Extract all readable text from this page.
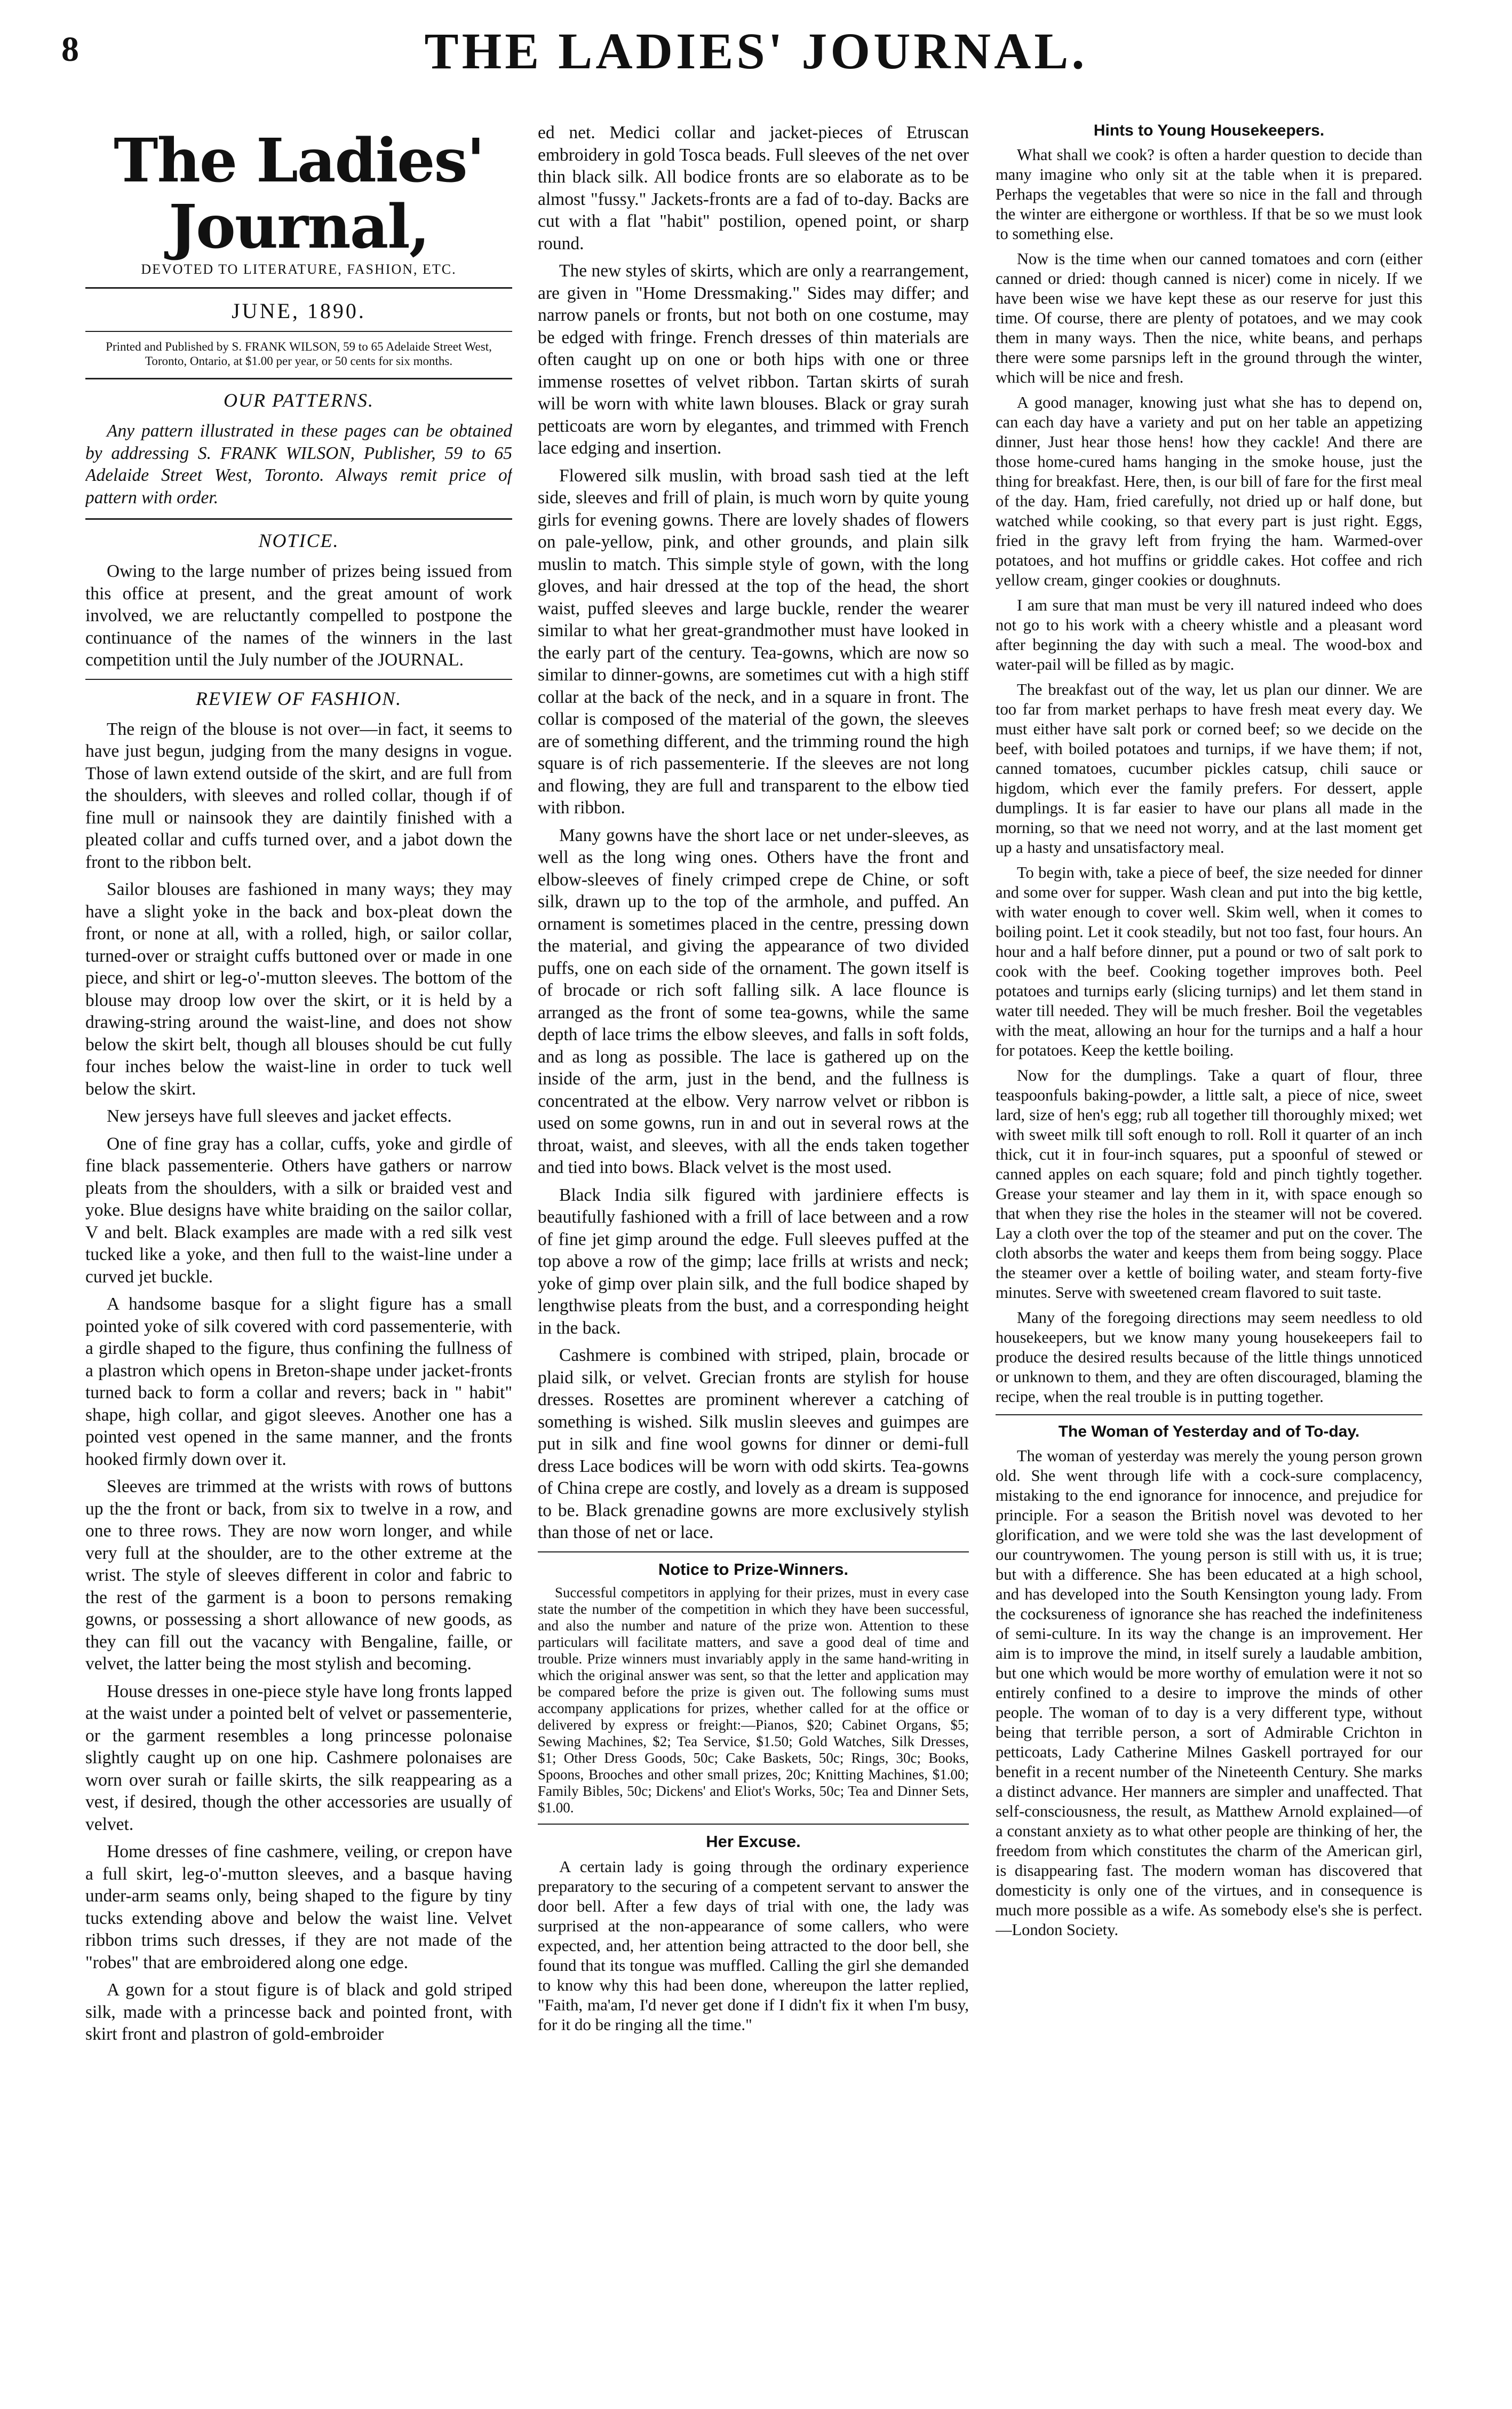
8	THE LADIES' JOURNAL.
The Ladies' Journal,
DEVOTED TO LITERATURE, FASHION, ETC.
JUNE, 1890.
Printed and Published by S. FRANK WILSON, 59 to 65 Adelaide Street West, Toronto, Ontario, at $1.00 per year, or 50 cents for six months.
OUR PATTERNS.

Any pattern illustrated in these pages can be obtained by addressing S. FRANK WILSON, Publisher, 59 to 65 Adelaide Street West, Toronto. Always remit price of pattern with order.

NOTICE.

Owing to the large number of prizes being issued from this office at present, and the great amount of work involved, we are reluctantly compelled to postpone the continuance of the names of the winners in the last competition until the July number of the JOURNAL.

REVIEW OF FASHION.

The reign of the blouse is not over—in fact, it seems to have just begun, judging from the many designs in vogue. Those of lawn extend outside of the skirt, and are full from the shoulders, with sleeves and rolled collar, though if of fine mull or nainsook they are daintily finished with a pleated collar and cuffs turned over, and a jabot down the front to the ribbon belt.

Sailor blouses are fashioned in many ways; they may have a slight yoke in the back and box-pleat down the front, or none at all, with a rolled, high, or sailor collar, turned-over or straight cuffs buttoned over or made in one piece, and shirt or leg-o'-mutton sleeves. The bottom of the blouse may droop low over the skirt, or it is held by a drawing-string around the waist-line, and does not show below the skirt belt, though all blouses should be cut fully four inches below the waist-line in order to tuck well below the skirt.

New jerseys have full sleeves and jacket effects.

One of fine gray has a collar, cuffs, yoke and girdle of fine black passementerie. Others have gathers or narrow pleats from the shoulders, with a silk or braided vest and yoke. Blue designs have white braiding on the sailor collar, V and belt. Black examples are made with a red silk vest tucked like a yoke, and then full to the waist-line under a curved jet buckle.

A handsome basque for a slight figure has a small pointed yoke of silk covered with cord passementerie, with a girdle shaped to the figure, thus confining the fullness of a plastron which opens in Breton-shape under jacket-fronts turned back to form a collar and revers; back in " habit" shape, high collar, and gigot sleeves. Another one has a pointed vest opened in the same manner, and the fronts hooked firmly down over it.

Sleeves are trimmed at the wrists with rows of buttons up the the front or back, from six to twelve in a row, and one to three rows. They are now worn longer, and while very full at the shoulder, are to the other extreme at the wrist. The style of sleeves different in color and fabric to the rest of the garment is a boon to persons remaking gowns, or possessing a short allowance of new goods, as they can fill out the vacancy with Bengaline, faille, or velvet, the latter being the most stylish and becoming.

House dresses in one-piece style have long fronts lapped at the waist under a pointed belt of velvet or passementerie, or the garment resembles a long princesse polonaise slightly caught up on one hip. Cashmere polonaises are worn over surah or faille skirts, the silk reappearing as a vest, if desired, though the other accessories are usually of velvet.

Home dresses of fine cashmere, veiling, or crepon have a full skirt, leg-o'-mutton sleeves, and a basque having under-arm seams only, being shaped to the figure by tiny tucks extending above and below the waist line. Velvet ribbon trims such dresses, if they are not made of the "robes" that are embroidered along one edge.

A gown for a stout figure is of black and gold striped silk, made with a princesse back and pointed front, with skirt front and plastron of gold-embroider

ed net. Medici collar and jacket-pieces of Etruscan embroidery in gold Tosca beads. Full sleeves of the net over thin black silk. All bodice fronts are so elaborate as to be almost "fussy." Jackets-fronts are a fad of to-day. Backs are cut with a flat "habit" postilion, opened point, or sharp round.

The new styles of skirts, which are only a rearrangement, are given in "Home Dressmaking." Sides may differ; and narrow panels or fronts, but not both on one costume, may be edged with fringe. French dresses of thin materials are often caught up on one or both hips with one or three immense rosettes of velvet ribbon. Tartan skirts of surah will be worn with white lawn blouses. Black or gray surah petticoats are worn by elegantes, and trimmed with French lace edging and insertion.

Flowered silk muslin, with broad sash tied at the left side, sleeves and frill of plain, is much worn by quite young girls for evening gowns. There are lovely shades of flowers on pale-yellow, pink, and other grounds, and plain silk muslin to match. This simple style of gown, with the long gloves, and hair dressed at the top of the head, the short waist, puffed sleeves and large buckle, render the wearer similar to what her great-grandmother must have looked in the early part of the century. Tea-gowns, which are now so similar to dinner-gowns, are sometimes cut with a high stiff collar at the back of the neck, and in a square in front. The collar is composed of the material of the gown, the sleeves are of something different, and the trimming round the high square is of rich passementerie. If the sleeves are not long and flowing, they are full and transparent to the elbow tied with ribbon.

Many gowns have the short lace or net under-sleeves, as well as the long wing ones. Others have the front and elbow-sleeves of finely crimped crepe de Chine, or soft silk, drawn up to the top of the armhole, and puffed. An ornament is sometimes placed in the centre, pressing down the material, and giving the appearance of two divided puffs, one on each side of the ornament. The gown itself is of brocade or rich soft falling silk. A lace flounce is arranged as the front of some tea-gowns, while the same depth of lace trims the elbow sleeves, and falls in soft folds, and as long as possible. The lace is gathered up on the inside of the arm, just in the bend, and the fullness is concentrated at the elbow. Very narrow velvet or ribbon is used on some gowns, run in and out in several rows at the throat, waist, and sleeves, with all the ends taken together and tied into bows. Black velvet is the most used.

Black India silk figured with jardiniere effects is beautifully fashioned with a frill of lace between and a row of fine jet gimp around the edge. Full sleeves puffed at the top above a row of the gimp; lace frills at wrists and neck; yoke of gimp over plain silk, and the full bodice shaped by lengthwise pleats from the bust, and a corresponding height in the back.

Cashmere is combined with striped, plain, brocade or plaid silk, or velvet. Grecian fronts are stylish for house dresses. Rosettes are prominent wherever a catching of something is wished. Silk muslin sleeves and guimpes are put in silk and fine wool gowns for dinner or demi-full dress Lace bodices will be worn with odd skirts. Tea-gowns of China crepe are costly, and lovely as a dream is supposed to be. Black grenadine gowns are more exclusively stylish than those of net or lace.

Notice to Prize-Winners.

Successful competitors in applying for their prizes, must in every case state the number of the competition in which they have been successful, and also the number and nature of the prize won. Attention to these particulars will facilitate matters, and save a good deal of time and trouble. Prize winners must invariably apply in the same hand-writing in which the original answer was sent, so that the letter and application may be compared before the prize is given out. The following sums must accompany applications for prizes, whether called for at the office or delivered by express or freight:—Pianos, $20; Cabinet Organs, $5; Sewing Machines, $2; Tea Service, $1.50; Gold Watches, Silk Dresses, $1; Other Dress Goods, 50c; Cake Baskets, 50c; Rings, 30c; Books, Spoons, Brooches and other small prizes, 20c; Knitting Machines, $1.00; Family Bibles, 50c; Dickens' and Eliot's Works, 50c; Tea and Dinner Sets, $1.00.

Her Excuse.

A certain lady is going through the ordinary experience preparatory to the securing of a competent servant to answer the door bell. After a few days of trial with one, the lady was surprised at the non-appearance of some callers, who were expected, and, her attention being attracted to the door bell, she found that its tongue was muffled. Calling the girl she demanded to know why this had been done, whereupon the latter replied, "Faith, ma'am, I'd never get done if I didn't fix it when I'm busy, for it do be ringing all the time."

Hints to Young Housekeepers.

What shall we cook? is often a harder question to decide than many imagine who only sit at the table when it is prepared. Perhaps the vegetables that were so nice in the fall and through the winter are eithergone or worthless. If that be so we must look to something else.

Now is the time when our canned tomatoes and corn (either canned or dried: though canned is nicer) come in nicely. If we have been wise we have kept these as our reserve for just this time. Of course, there are plenty of potatoes, and we may cook them in many ways. Then the nice, white beans, and perhaps there were some parsnips left in the ground through the winter, which will be nice and fresh.

A good manager, knowing just what she has to depend on, can each day have a variety and put on her table an appetizing dinner, Just hear those hens! how they cackle! And there are those home-cured hams hanging in the smoke house, just the thing for breakfast. Here, then, is our bill of fare for the first meal of the day. Ham, fried carefully, not dried up or half done, but watched while cooking, so that every part is just right. Eggs, fried in the gravy left from frying the ham. Warmed-over potatoes, and hot muffins or griddle cakes. Hot coffee and rich yellow cream, ginger cookies or doughnuts.

I am sure that man must be very ill natured indeed who does not go to his work with a cheery whistle and a pleasant word after beginning the day with such a meal. The wood-box and water-pail will be filled as by magic.

The breakfast out of the way, let us plan our dinner. We are too far from market perhaps to have fresh meat every day. We must either have salt pork or corned beef; so we decide on the beef, with boiled potatoes and turnips, if we have them; if not, canned tomatoes, cucumber pickles catsup, chili sauce or higdom, which ever the family prefers. For dessert, apple dumplings. It is far easier to have our plans all made in the morning, so that we need not worry, and at the last moment get up a hasty and unsatisfactory meal.

To begin with, take a piece of beef, the size needed for dinner and some over for supper. Wash clean and put into the big kettle, with water enough to cover well. Skim well, when it comes to boiling point. Let it cook steadily, but not too fast, four hours. An hour and a half before dinner, put a pound or two of salt pork to cook with the beef. Cooking together improves both. Peel potatoes and turnips early (slicing turnips) and let them stand in water till needed. They will be much fresher. Boil the vegetables with the meat, allowing an hour for the turnips and a half a hour for potatoes. Keep the kettle boiling.

Now for the dumplings. Take a quart of flour, three teaspoonfuls baking-powder, a little salt, a piece of nice, sweet lard, size of hen's egg; rub all together till thoroughly mixed; wet with sweet milk till soft enough to roll. Roll it quarter of an inch thick, cut it in four-inch squares, put a spoonful of stewed or canned apples on each square; fold and pinch tightly together. Grease your steamer and lay them in it, with space enough so that when they rise the holes in the steamer will not be covered. Lay a cloth over the top of the steamer and put on the cover. The cloth absorbs the water and keeps them from being soggy. Place the steamer over a kettle of boiling water, and steam forty-five minutes. Serve with sweetened cream flavored to suit taste.

Many of the foregoing directions may seem needless to old housekeepers, but we know many young housekeepers fail to produce the desired results because of the little things unnoticed or unknown to them, and they are often discouraged, blaming the recipe, when the real trouble is in putting together.

The Woman of Yesterday and of To-day.

The woman of yesterday was merely the young person grown old. She went through life with a cock-sure complacency, mistaking to the end ignorance for innocence, and prejudice for principle. For a season the British novel was devoted to her glorification, and we were told she was the last development of our countrywomen. The young person is still with us, it is true; but with a difference. She has been educated at a high school, and has developed into the South Kensington young lady. From the cocksureness of ignorance she has reached the indefiniteness of semi-culture. In its way the change is an improvement. Her aim is to improve the mind, in itself surely a laudable ambition, but one which would be more worthy of emulation were it not so entirely confined to a desire to improve the minds of other people. The woman of to day is a very different type, without being that terrible person, a sort of Admirable Crichton in petticoats, Lady Catherine Milnes Gaskell portrayed for our benefit in a recent number of the Nineteenth Century. She marks a distinct advance. Her manners are simpler and unaffected. That self-consciousness, the result, as Matthew Arnold explained—of a constant anxiety as to what other people are thinking of her, the freedom from which constitutes the charm of the American girl, is disappearing fast. The modern woman has discovered that domesticity is only one of the virtues, and in consequence is much more possible as a wife. As somebody else's she is perfect.—London Society.
